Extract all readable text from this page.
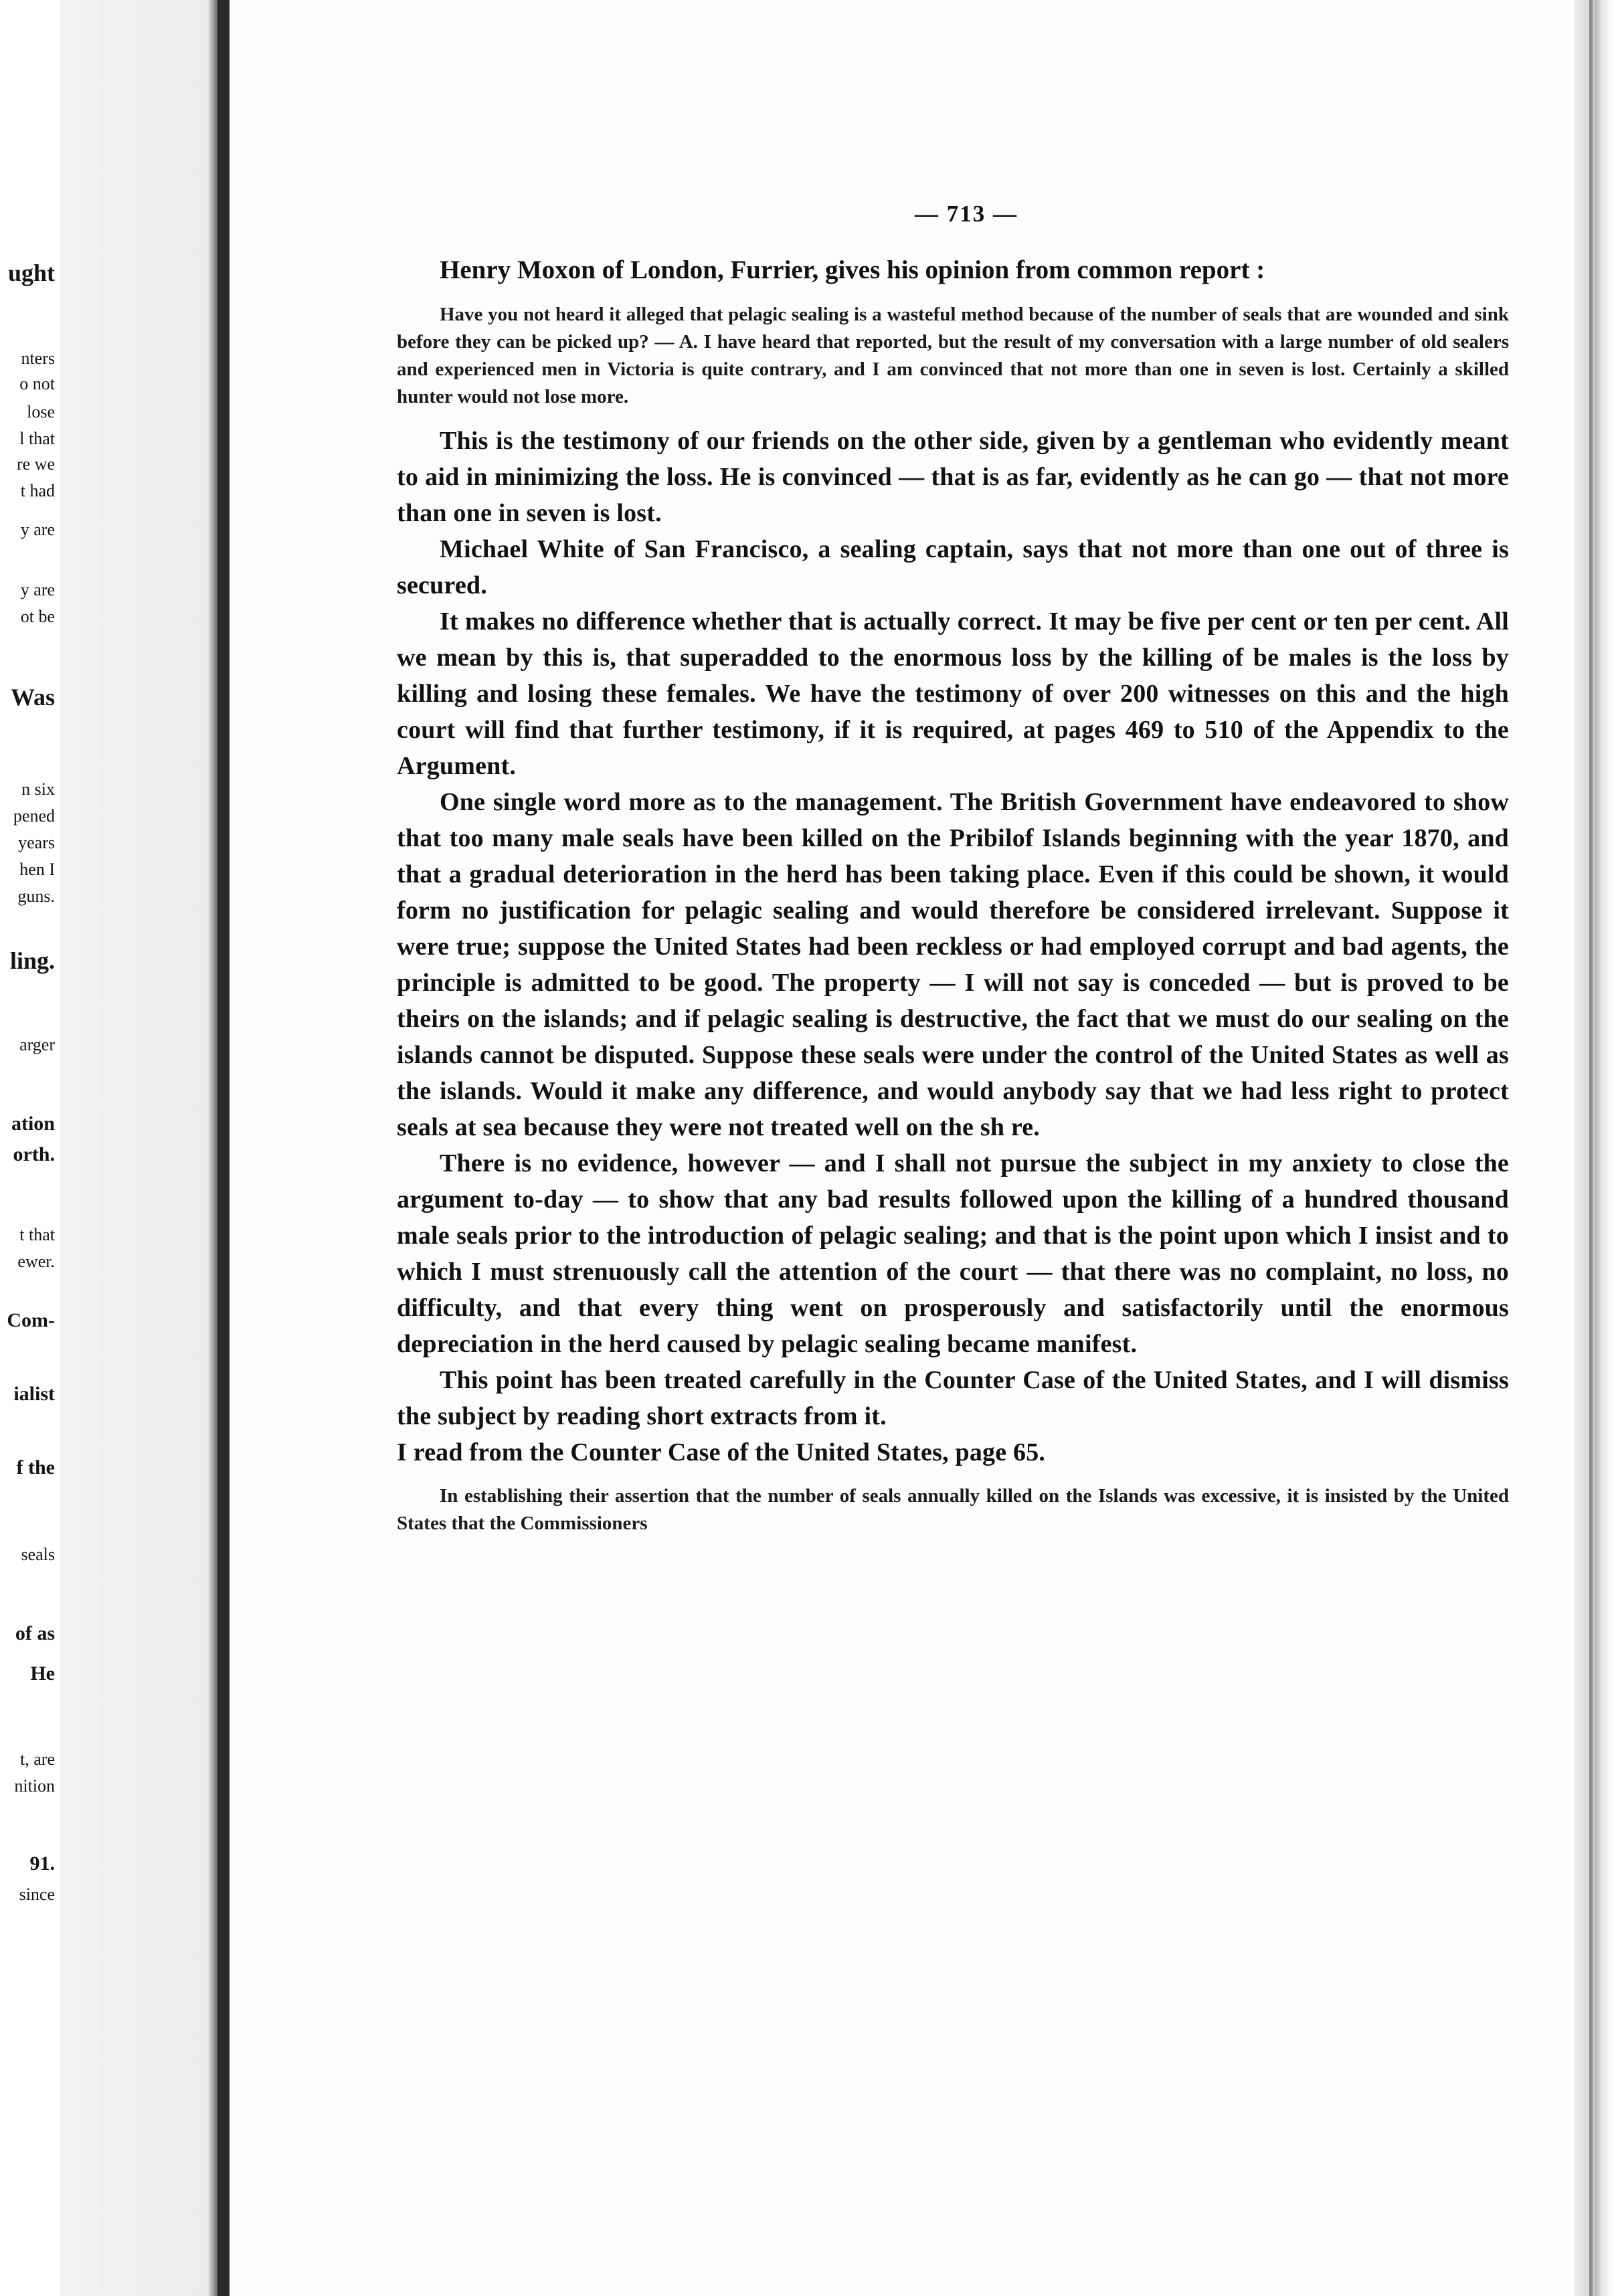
ught
nters
o not
lose
l that
re we
t had
y are
y are
ot be
Was
n six
pened
years
hen I
guns.
ling.
arger
ation
orth.
t that
ewer.
Com-
ialist
f the
seals
of as
He
t, are
nition
91.
since
— 713 —

Henry Moxon of London, Furrier, gives his opinion from common report :

Have you not heard it alleged that pelagic sealing is a wasteful method because of the number of seals that are wounded and sink before they can be picked up? — A. I have heard that reported, but the result of my conversation with a large number of old sealers and experienced men in Victoria is quite contrary, and I am convinced that not more than one in seven is lost. Certainly a skilled hunter would not lose more.

This is the testimony of our friends on the other side, given by a gentleman who evidently meant to aid in minimizing the loss. He is convinced — that is as far, evidently as he can go — that not more than one in seven is lost.

Michael White of San Francisco, a sealing captain, says that not more than one out of three is secured.

It makes no difference whether that is actually correct. It may be five per cent or ten per cent. All we mean by this is, that superadded to the enormous loss by the killing of be males is the loss by killing and losing these females. We have the testimony of over 200 witnesses on this and the high court will find that further testimony, if it is required, at pages 469 to 510 of the Appendix to the Argument.

One single word more as to the management. The British Government have endeavored to show that too many male seals have been killed on the Pribilof Islands beginning with the year 1870, and that a gradual deterioration in the herd has been taking place. Even if this could be shown, it would form no justification for pelagic sealing and would therefore be considered irrelevant. Suppose it were true; suppose the United States had been reckless or had employed corrupt and bad agents, the principle is admitted to be good. The property — I will not say is conceded — but is proved to be theirs on the islands; and if pelagic sealing is destructive, the fact that we must do our sealing on the islands cannot be disputed. Suppose these seals were under the control of the United States as well as the islands. Would it make any difference, and would anybody say that we had less right to protect seals at sea because they were not treated well on the sh re.

There is no evidence, however — and I shall not pursue the subject in my anxiety to close the argument to-day — to show that any bad results followed upon the killing of a hundred thousand male seals prior to the introduction of pelagic sealing; and that is the point upon which I insist and to which I must strenuously call the attention of the court — that there was no complaint, no loss, no difficulty, and that every thing went on prosperously and satisfactorily until the enormous depreciation in the herd caused by pelagic sealing became manifest.

This point has been treated carefully in the Counter Case of the United States, and I will dismiss the subject by reading short extracts from it.

I read from the Counter Case of the United States, page 65.

In establishing their assertion that the number of seals annually killed on the Islands was excessive, it is insisted by the United States that the Commissioners
